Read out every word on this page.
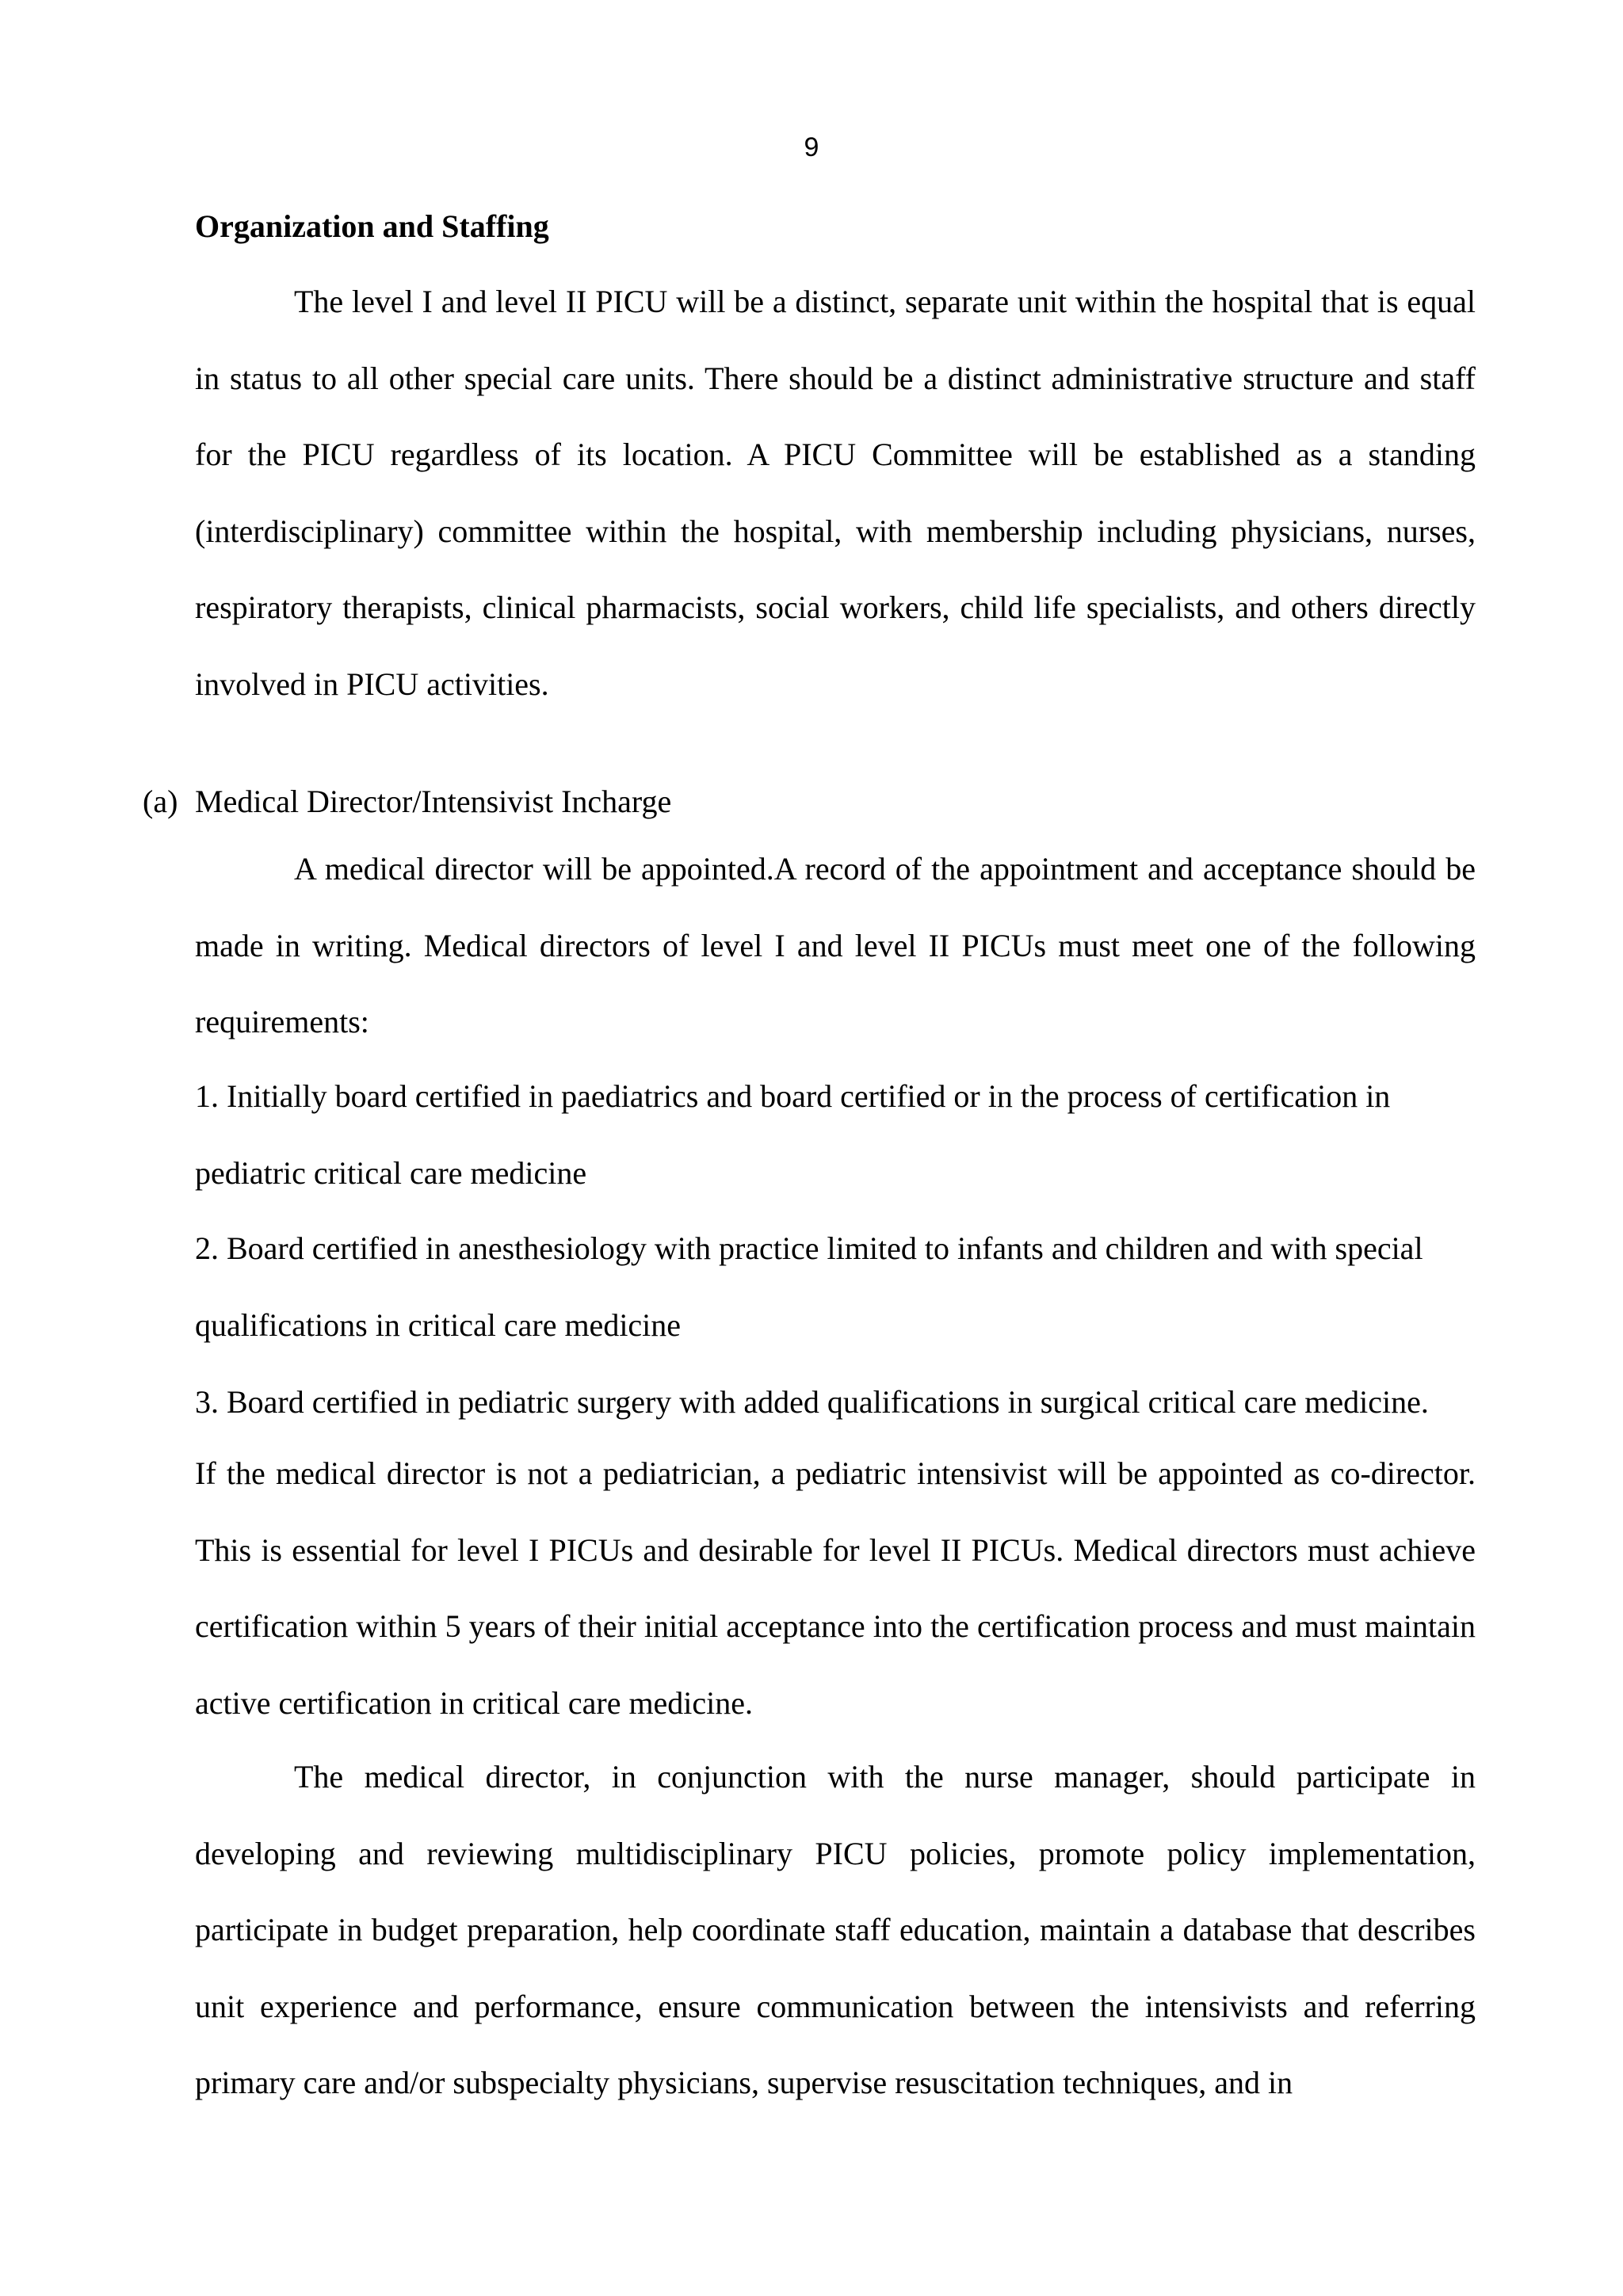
9
Organization and Staffing

The level I and level II PICU will be a distinct, separate unit within the hospital that is equal in status to all other special care units. There should be a distinct administrative structure and staff for the PICU regardless of its location. A PICU Committee will be established as a standing (interdisciplinary) committee within the hospital, with membership including physicians, nurses, respiratory therapists, clinical pharmacists, social workers, child life specialists, and others directly involved in PICU activities.

(a) Medical Director/Intensivist Incharge

A medical director will be appointed.A record of the appointment and acceptance should be made in writing. Medical directors of level I and level II PICUs must meet one of the following requirements:

1. Initially board certified in paediatrics and board certified or in the process of certification in pediatric critical care medicine

2. Board certified in anesthesiology with practice limited to infants and children and with special qualifications in critical care medicine

3. Board certified in pediatric surgery with added qualifications in surgical critical care medicine.

If the medical director is not a pediatrician, a pediatric intensivist will be appointed as co-director. This is essential for level I PICUs and desirable for level II PICUs. Medical directors must achieve certification within 5 years of their initial acceptance into the certification process and must maintain active certification in critical care medicine.

The medical director, in conjunction with the nurse manager, should participate in developing and reviewing multidisciplinary PICU policies, promote policy implementation, participate in budget preparation, help coordinate staff education, maintain a database that describes unit experience and performance, ensure communication between the intensivists and referring primary care and/or subspecialty physicians, supervise resuscitation techniques, and in
